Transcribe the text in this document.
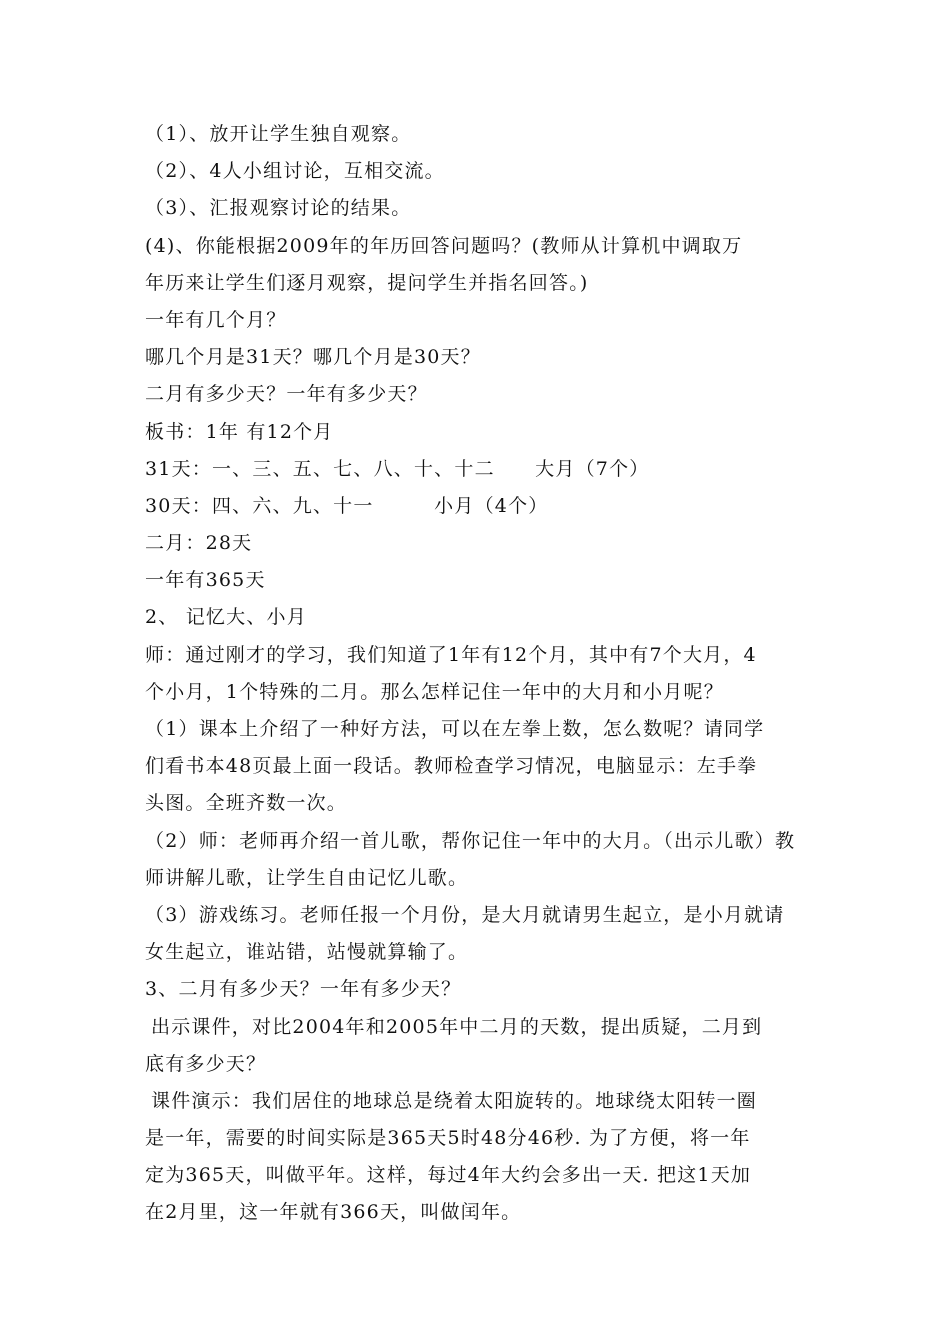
（1）、放开让学生独自观察。
（2）、4人小组讨论，互相交流。
（3）、汇报观察讨论的结果。
(4)、你能根据2009年的年历回答问题吗？(教师从计算机中调取万
年历来让学生们逐月观察，提问学生并指名回答。)
一年有几个月？
哪几个月是31天？哪几个月是30天？
二月有多少天？一年有多少天？
板书：1年 有12个月
31天：一、三、五、七、八、十、十二　　大月（7个）
30天：四、六、九、十一　　　小月（4个）
二月：28天
一年有365天
2、 记忆大、小月
师：通过刚才的学习，我们知道了1年有12个月，其中有7个大月，4
个小月，1个特殊的二月。那么怎样记住一年中的大月和小月呢？
（1）课本上介绍了一种好方法，可以在左拳上数，怎么数呢？请同学
们看书本48页最上面一段话。教师检查学习情况，电脑显示：左手拳
头图。全班齐数一次。
（2）师：老师再介绍一首儿歌，帮你记住一年中的大月。（出示儿歌）教
师讲解儿歌，让学生自由记忆儿歌。
（3）游戏练习。老师任报一个月份，是大月就请男生起立，是小月就请
女生起立，谁站错，站慢就算输了。
3、二月有多少天？一年有多少天？
出示课件，对比2004年和2005年中二月的天数，提出质疑，二月到
底有多少天？
课件演示：我们居住的地球总是绕着太阳旋转的。地球绕太阳转一圈
是一年，需要的时间实际是365天5时48分46秒. 为了方便，将一年
定为365天，叫做平年。这样，每过4年大约会多出一天. 把这1天加
在2月里，这一年就有366天，叫做闰年。
